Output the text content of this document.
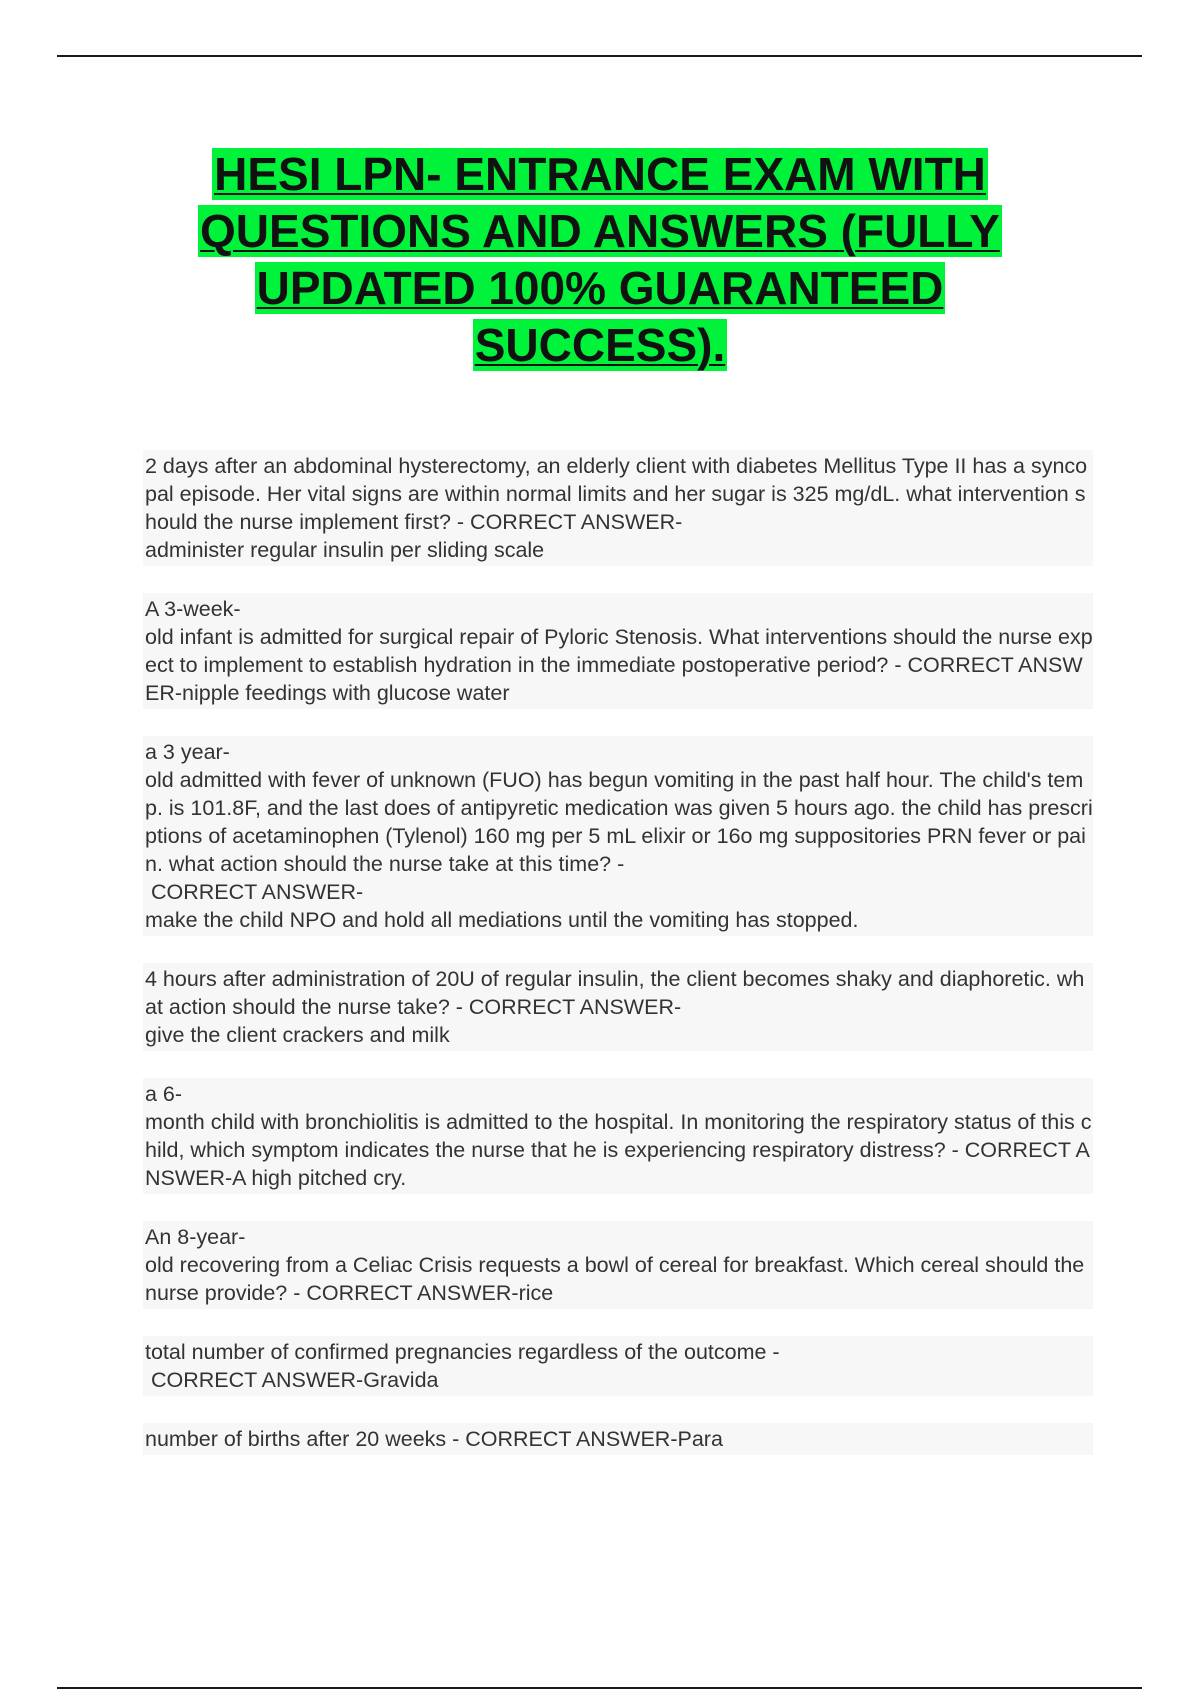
HESI LPN- ENTRANCE EXAM WITH QUESTIONS AND ANSWERS (FULLY UPDATED 100% GUARANTEED SUCCESS).
2 days after an abdominal hysterectomy, an elderly client with diabetes Mellitus Type II has a syncopal episode. Her vital signs are within normal limits and her sugar is 325 mg/dL. what intervention should the nurse implement first? - CORRECT ANSWER-
administer regular insulin per sliding scale
A 3-week-
old infant is admitted for surgical repair of Pyloric Stenosis. What interventions should the nurse expect to implement to establish hydration in the immediate postoperative period? - CORRECT ANSWER-nipple feedings with glucose water
a 3 year-
old admitted with fever of unknown (FUO) has begun vomiting in the past half hour. The child's temp. is 101.8F, and the last does of antipyretic medication was given 5 hours ago. the child has prescriptions of acetaminophen (Tylenol) 160 mg per 5 mL elixir or 16o mg suppositories PRN fever or pain. what action should the nurse take at this time? -
CORRECT ANSWER-
make the child NPO and hold all mediations until the vomiting has stopped.
4 hours after administration of 20U of regular insulin, the client becomes shaky and diaphoretic. what action should the nurse take? - CORRECT ANSWER-
give the client crackers and milk
a 6-
month child with bronchiolitis is admitted to the hospital. In monitoring the respiratory status of this child, which symptom indicates the nurse that he is experiencing respiratory distress? - CORRECT ANSWER-A high pitched cry.
An 8-year-
old recovering from a Celiac Crisis requests a bowl of cereal for breakfast. Which cereal should the nurse provide? - CORRECT ANSWER-rice
total number of confirmed pregnancies regardless of the outcome -
CORRECT ANSWER-Gravida
number of births after 20 weeks - CORRECT ANSWER-Para
